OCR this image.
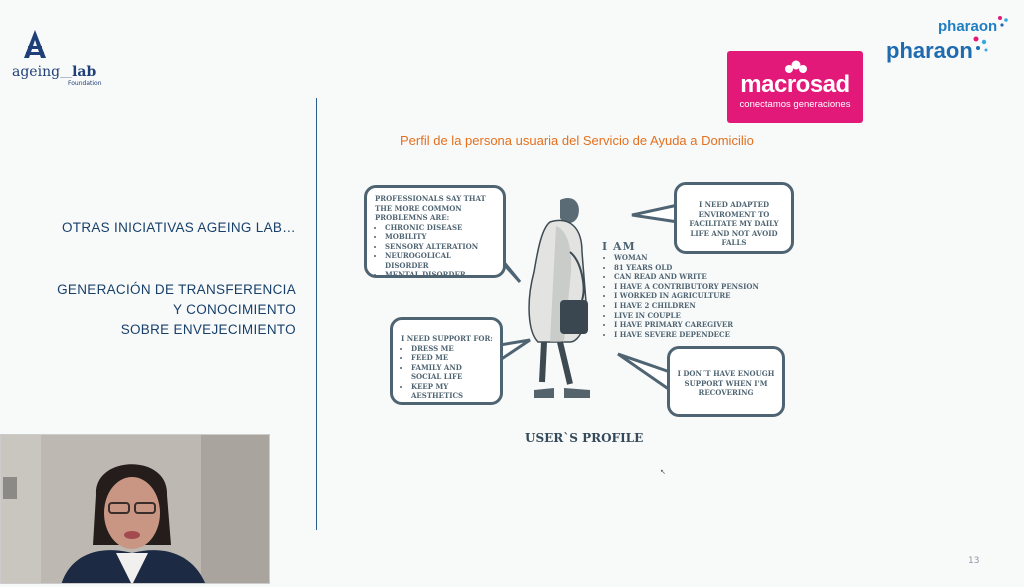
ageing___lab
Foundation
OTRAS INICIATIVAS AGEING LAB…
GENERACIÓN DE TRANSFERENCIA
Y CONOCIMIENTO
SOBRE ENVEJECIMIENTO
macrosad
conectamos generaciones
pharaon
pharaon
Perfil de la persona usuaria del Servicio de Ayuda a Domicilio
PROFESSIONALS SAY THAT THE MORE COMMON PROBLEMNS ARE:
• CHRONIC DISEASE
• MOBILITY
• SENSORY ALTERATION
• NEUROGOLICAL DISORDER
• MENTAL DISORDER
I NEED ADAPTED ENVIROMENT TO FACILITATE MY DAILY LIFE AND NOT AVOID FALLS
I NEED SUPPORT FOR:
• DRESS ME
• FEED ME
• FAMILY AND SOCIAL LIFE
• KEEP MY AESTHETICS
I DON´T HAVE ENOUGH SUPPORT WHEN I'M RECOVERING
I AM
• WOMAN
• 81 YEARS OLD
• CAN READ AND WRITE
• I HAVE A CONTRIBUTORY PENSION
• I WORKED IN AGRICULTURE
• I HAVE 2 CHILDREN
• LIVE IN COUPLE
• I HAVE PRIMARY CAREGIVER
• I HAVE SEVERE DEPENDECE
USER`S PROFILE
↖
13
